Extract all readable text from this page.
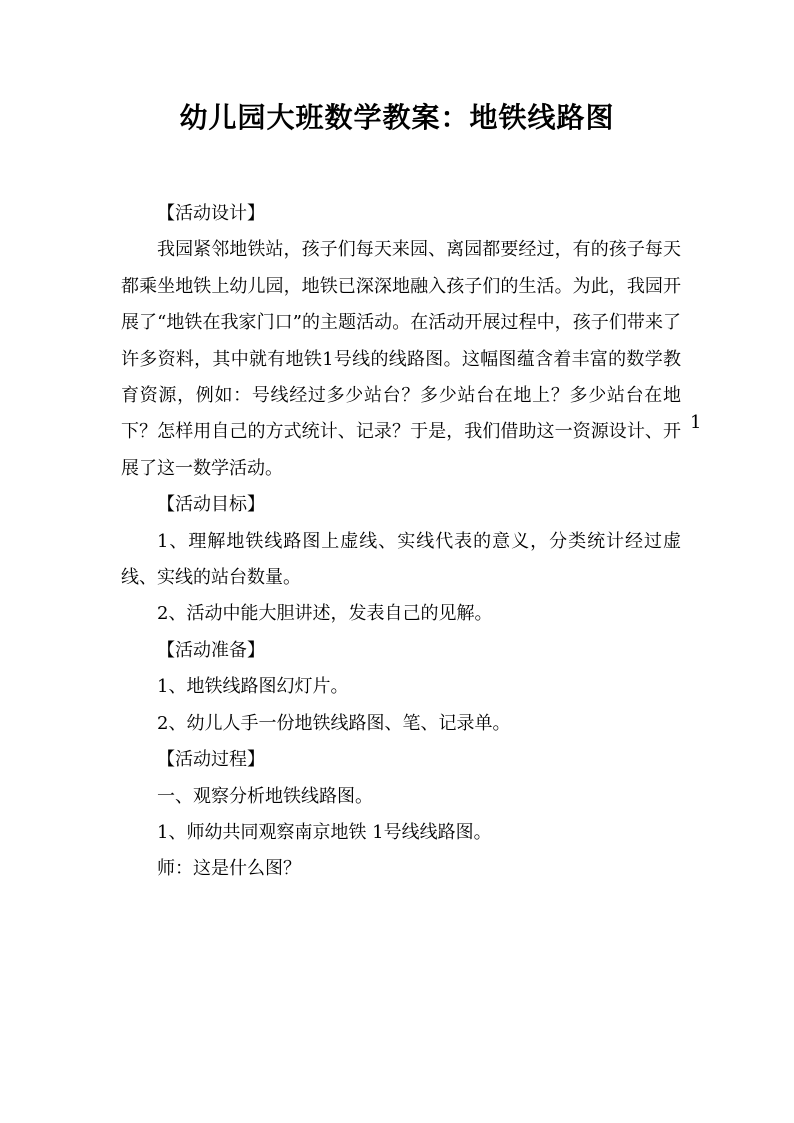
幼儿园大班数学教案：地铁线路图

【活动设计】

我园紧邻地铁站，孩子们每天来园、离园都要经过，有的孩子每天都乘坐地铁上幼儿园，地铁已深深地融入孩子们的生活。为此，我园开展了“地铁在我家门口”的主题活动。在活动开展过程中，孩子们带来了许多资料，其中就有地铁1号线的线路图。这幅图蕴含着丰富的数学教育资源，例如：号线经过多少站台？多少站台在地上？多少站台在地下？怎样用自己的方式统计、记录？于是，我们借助这一资源设计、开展了这一数学活动。

【活动目标】

1、理解地铁线路图上虚线、实线代表的意义，分类统计经过虚线、实线的站台数量。

2、活动中能大胆讲述，发表自己的见解。

【活动准备】

1、地铁线路图幻灯片。

2、幼儿人手一份地铁线路图、笔、记录单。

【活动过程】

一、观察分析地铁线路图。

1、师幼共同观察南京地铁 1号线线路图。

师：这是什么图？

1
